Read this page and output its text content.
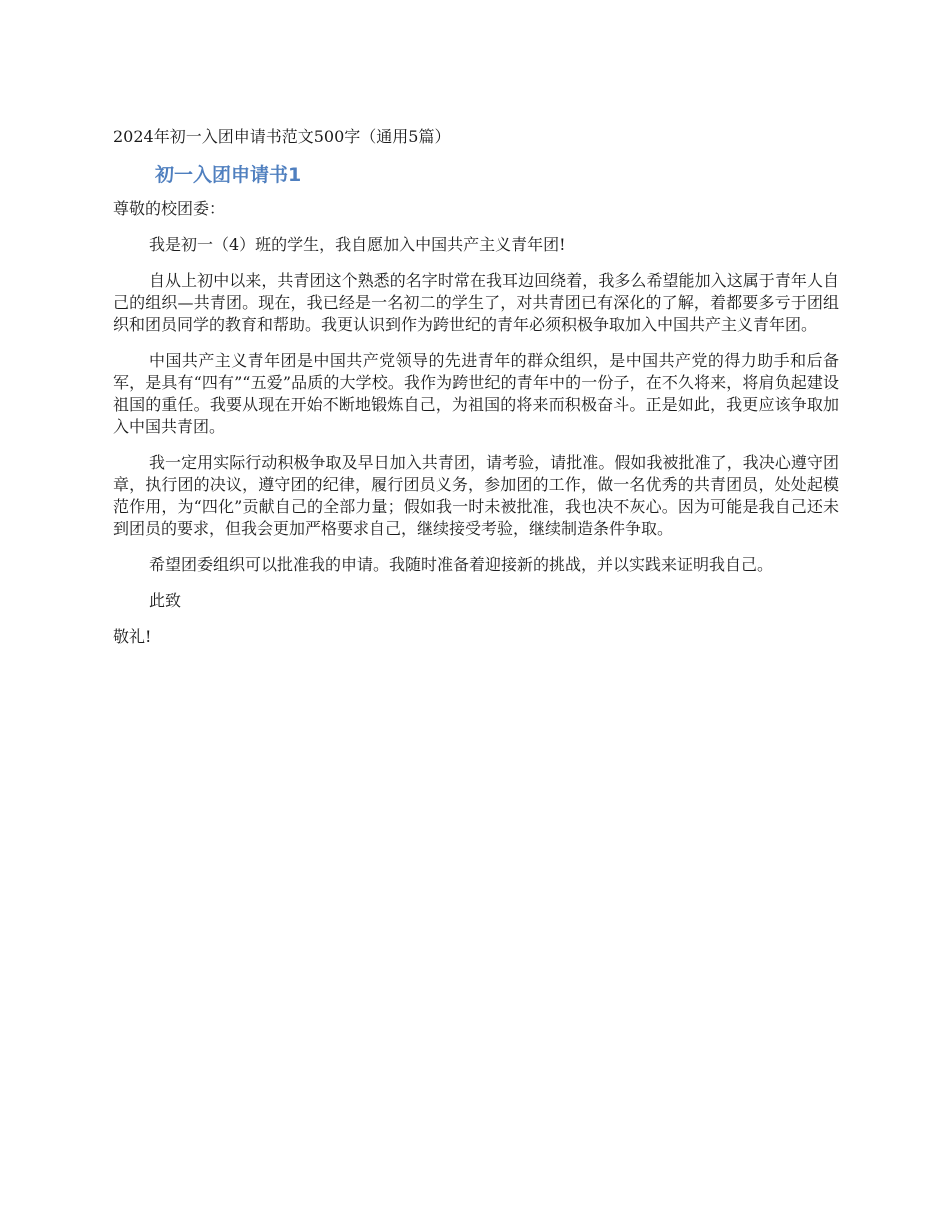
2024年初一入团申请书范文500字（通用5篇）
初一入团申请书1
尊敬的校团委：

我是初一（4）班的学生，我自愿加入中国共产主义青年团!

自从上初中以来，共青团这个熟悉的名字时常在我耳边回绕着，我多么希望能加入这属于青年人自己的组织—共青团。现在，我已经是一名初二的学生了，对共青团已有深化的了解，着都要多亏于团组织和团员同学的教育和帮助。我更认识到作为跨世纪的青年必须积极争取加入中国共产主义青年团。

中国共产主义青年团是中国共产党领导的先进青年的群众组织，是中国共产党的得力助手和后备军，是具有“四有”“五爱”品质的大学校。我作为跨世纪的青年中的一份子，在不久将来，将肩负起建设祖国的重任。我要从现在开始不断地锻炼自己，为祖国的将来而积极奋斗。正是如此，我更应该争取加入中国共青团。

我一定用实际行动积极争取及早日加入共青团，请考验，请批准。假如我被批准了，我决心遵守团章，执行团的决议，遵守团的纪律，履行团员义务，参加团的工作，做一名优秀的共青团员，处处起模范作用，为“四化”贡献自己的全部力量；假如我一时未被批准，我也决不灰心。因为可能是我自己还未到团员的要求，但我会更加严格要求自己，继续接受考验，继续制造条件争取。

希望团委组织可以批准我的申请。我随时准备着迎接新的挑战，并以实践来证明我自己。

此致
敬礼!
